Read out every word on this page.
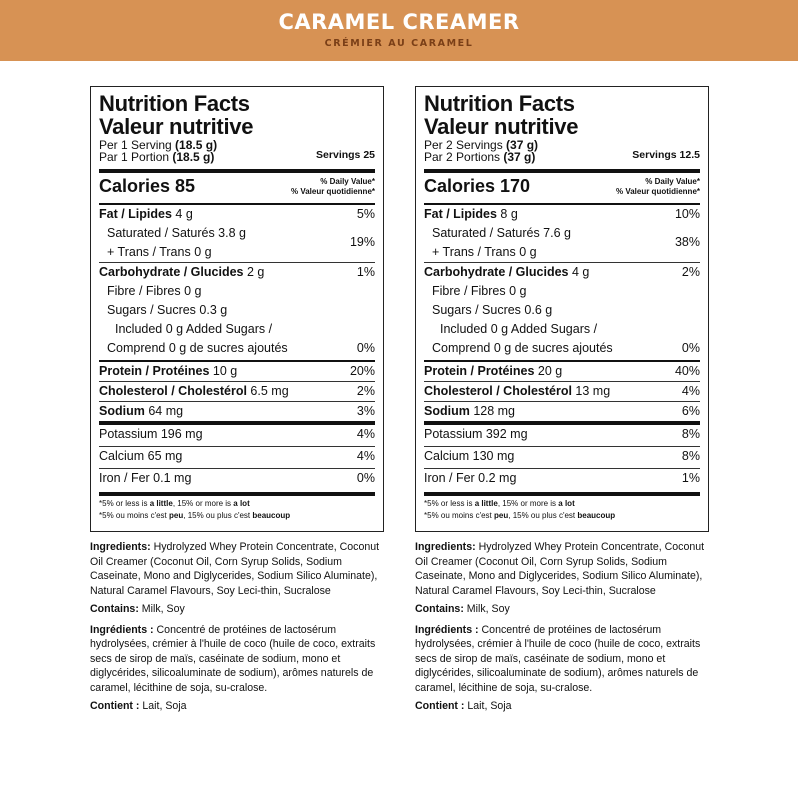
CARAMEL CREAMER
CRÉMIER AU CARAMEL
Nutrition Facts
Valeur nutritive
Per 1 Serving (18.5 g)
Par 1 Portion (18.5 g)	Servings 25
Calories 85	% Daily Value*
% Valeur quotidienne*
Fat / Lipides 4 g	5%
Saturated / Saturés 3.8 g
+ Trans / Trans 0 g
19%
Carbohydrate / Glucides 2 g	1%
Fibre / Fibres 0 g
Sugars / Sucres 0.3 g
Included 0 g Added Sugars /
Comprend 0 g de sucres ajoutés	0%
Protein / Protéines 10 g	20%
Cholesterol / Cholestérol 6.5 mg	2%
Sodium 64 mg	3%
Potassium 196 mg	4%
Calcium 65 mg	4%
Iron / Fer 0.1 mg	0%
*5% or less is a little, 15% or more is a lot
*5% ou moins c'est peu, 15% ou plus c'est beaucoup

Ingredients: Hydrolyzed Whey Protein Concentrate, Coconut Oil Creamer (Coconut Oil, Corn Syrup Solids, Sodium Caseinate, Mono and Diglycerides, Sodium Silico Aluminate), Natural Caramel Flavours, Soy Leci-thin, Sucralose

Contains: Milk, Soy

Ingrédients : Concentré de protéines de lactosérum hydrolysées, crémier à l'huile de coco (huile de coco, extraits secs de sirop de maïs, caséinate de sodium, mono et diglycérides, silicoaluminate de sodium), arômes naturels de caramel, lécithine de soja, su-cralose.

Contient : Lait, Soja

Nutrition Facts
Valeur nutritive
Per 2 Servings (37 g)
Par 2 Portions (37 g)	Servings 12.5
Calories 170	% Daily Value*
% Valeur quotidienne*
Fat / Lipides 8 g	10%
Saturated / Saturés 7.6 g
+ Trans / Trans 0 g
38%
Carbohydrate / Glucides 4 g	2%
Fibre / Fibres 0 g
Sugars / Sucres 0.6 g
Included 0 g Added Sugars /
Comprend 0 g de sucres ajoutés	0%
Protein / Protéines 20 g	40%
Cholesterol / Cholestérol 13 mg	4%
Sodium 128 mg	6%
Potassium 392 mg	8%
Calcium 130 mg	8%
Iron / Fer 0.2 mg	1%
*5% or less is a little, 15% or more is a lot
*5% ou moins c'est peu, 15% ou plus c'est beaucoup

Ingredients: Hydrolyzed Whey Protein Concentrate, Coconut Oil Creamer (Coconut Oil, Corn Syrup Solids, Sodium Caseinate, Mono and Diglycerides, Sodium Silico Aluminate), Natural Caramel Flavours, Soy Leci-thin, Sucralose

Contains: Milk, Soy

Ingrédients : Concentré de protéines de lactosérum hydrolysées, crémier à l'huile de coco (huile de coco, extraits secs de sirop de maïs, caséinate de sodium, mono et diglycérides, silicoaluminate de sodium), arômes naturels de caramel, lécithine de soja, su-cralose.

Contient : Lait, Soja
